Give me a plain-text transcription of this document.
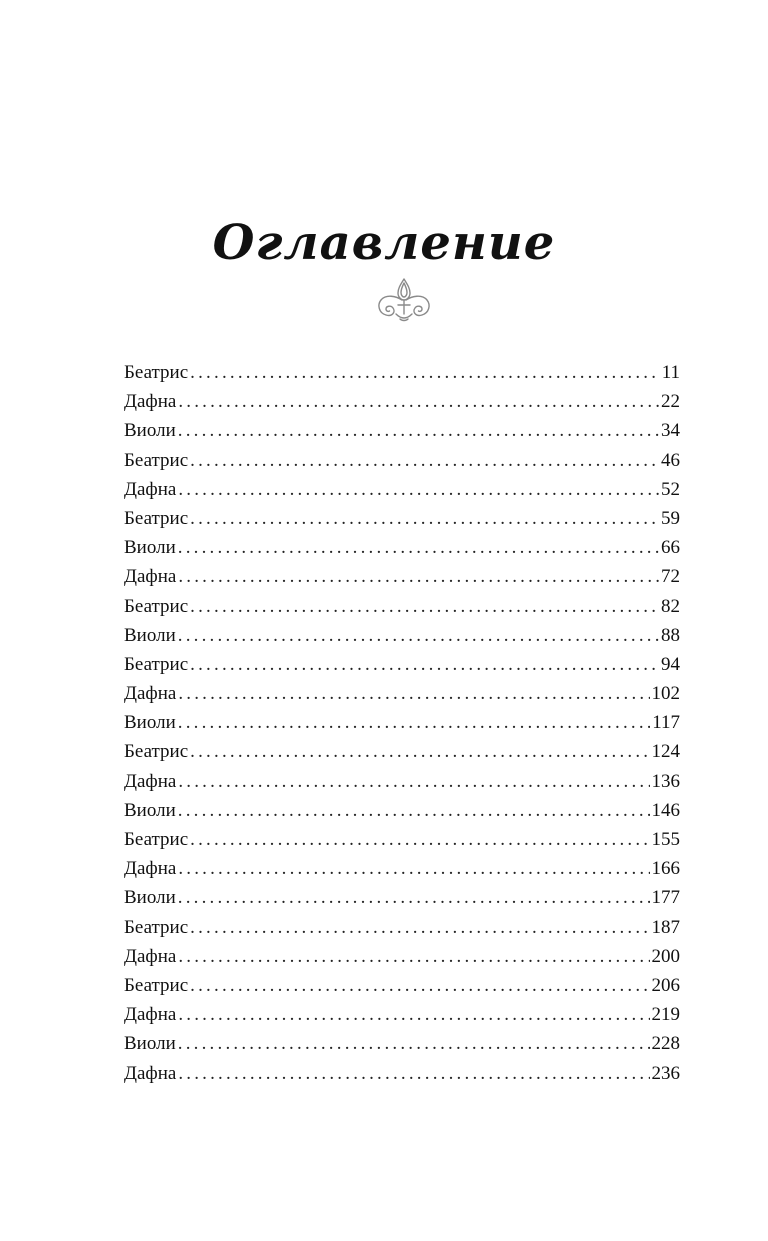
Оглавление
Беатрис .....	11
Дафна .....	22
Виоли .....	34
Беатрис .....	46
Дафна .....	52
Беатрис .....	59
Виоли .....	66
Дафна .....	72
Беатрис .....	82
Виоли .....	88
Беатрис .....	94
Дафна .....	102
Виоли .....	117
Беатрис .....	124
Дафна .....	136
Виоли .....	146
Беатрис .....	155
Дафна .....	166
Виоли .....	177
Беатрис .....	187
Дафна .....	200
Беатрис .....	206
Дафна .....	219
Виоли .....	228
Дафна .....	236
